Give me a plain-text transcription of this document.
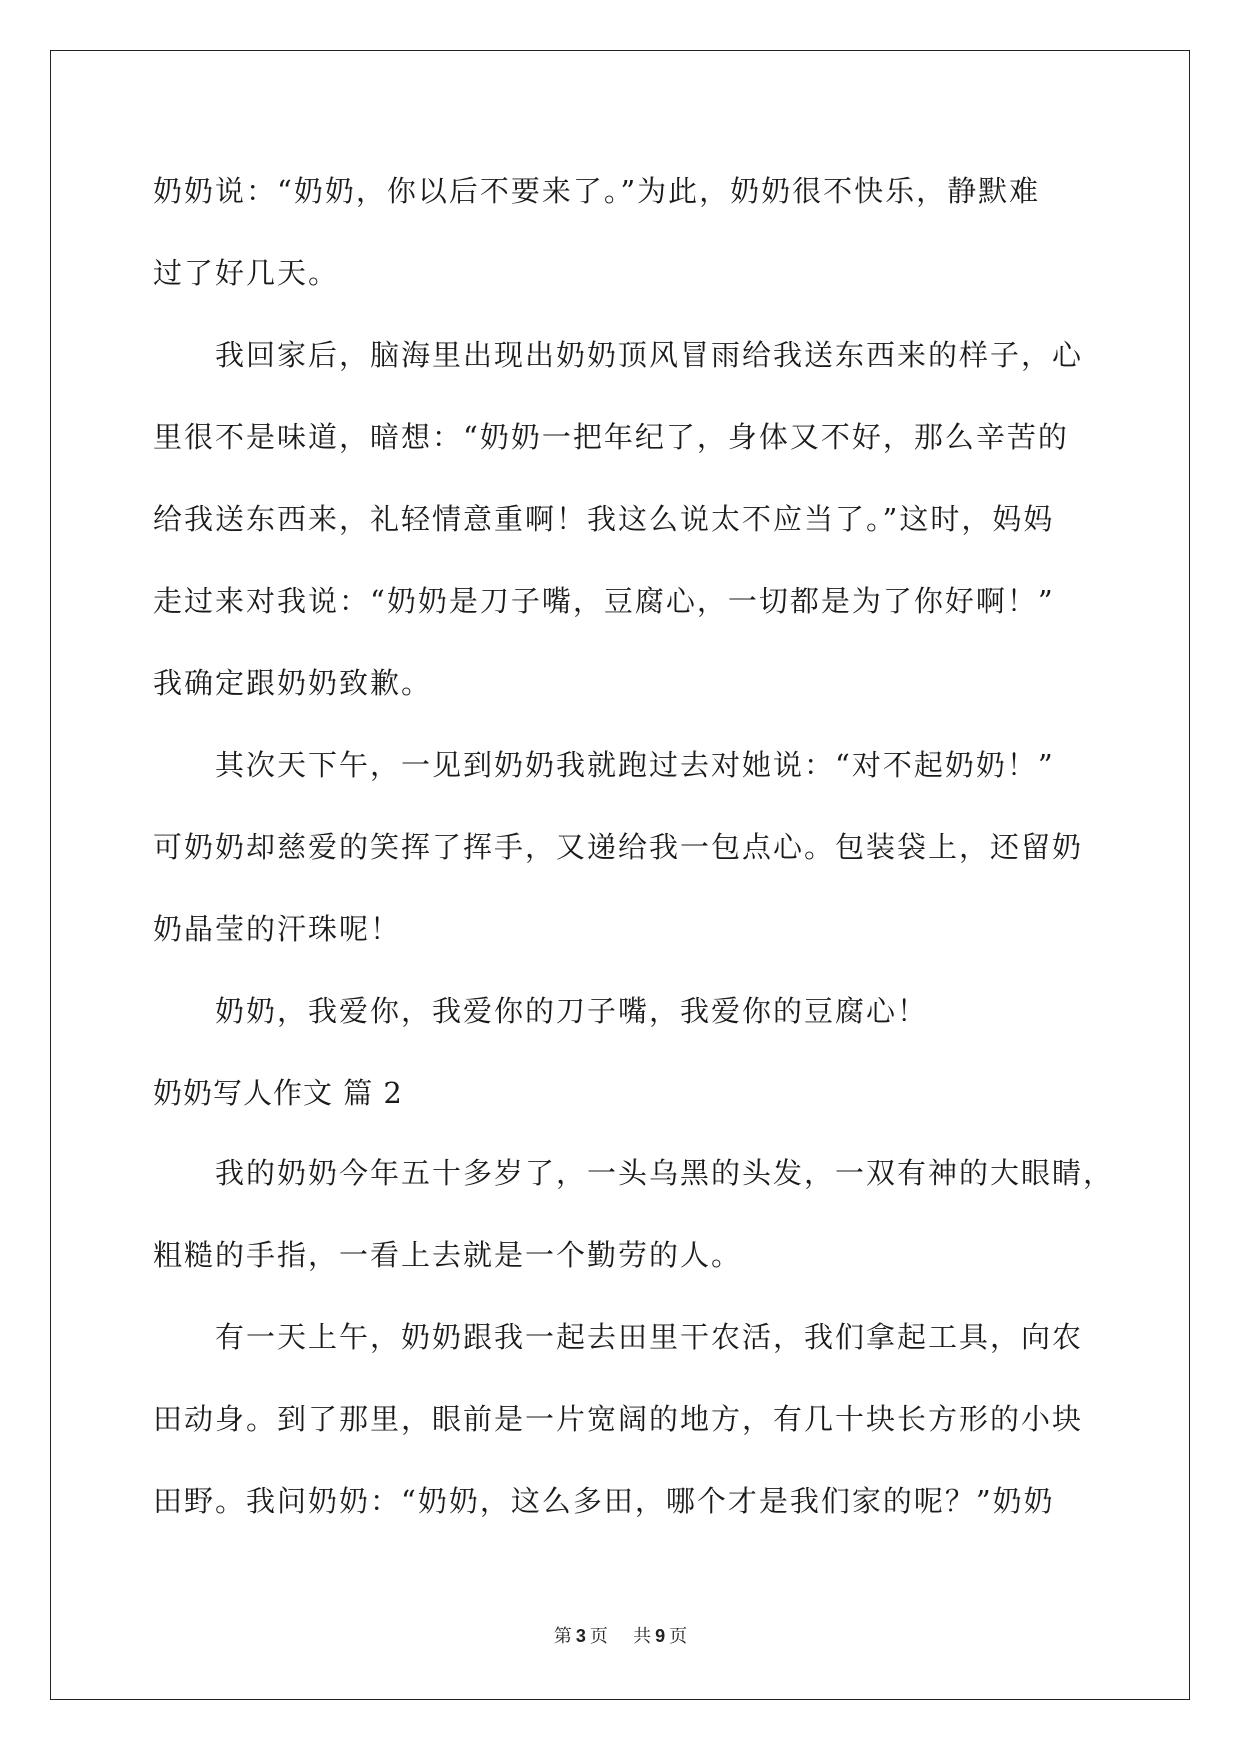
奶奶说：“奶奶，你以后不要来了。”为此，奶奶很不快乐，静默难
过了好几天。
我回家后，脑海里出现出奶奶顶风冒雨给我送东西来的样子，心
里很不是味道，暗想：“奶奶一把年纪了，身体又不好，那么辛苦的
给我送东西来，礼轻情意重啊！我这么说太不应当了。”这时，妈妈
走过来对我说：“奶奶是刀子嘴，豆腐心，一切都是为了你好啊！”
我确定跟奶奶致歉。
其次天下午，一见到奶奶我就跑过去对她说：“对不起奶奶！”
可奶奶却慈爱的笑挥了挥手，又递给我一包点心。包装袋上，还留奶
奶晶莹的汗珠呢！
奶奶，我爱你，我爱你的刀子嘴，我爱你的豆腐心！
奶奶写人作文 篇 2
我的奶奶今年五十多岁了，一头乌黑的头发，一双有神的大眼睛，
粗糙的手指，一看上去就是一个勤劳的人。
有一天上午，奶奶跟我一起去田里干农活，我们拿起工具，向农
田动身。到了那里，眼前是一片宽阔的地方，有几十块长方形的小块
田野。我问奶奶：“奶奶，这么多田，哪个才是我们家的呢？”奶奶
第 3 页 共 9 页
